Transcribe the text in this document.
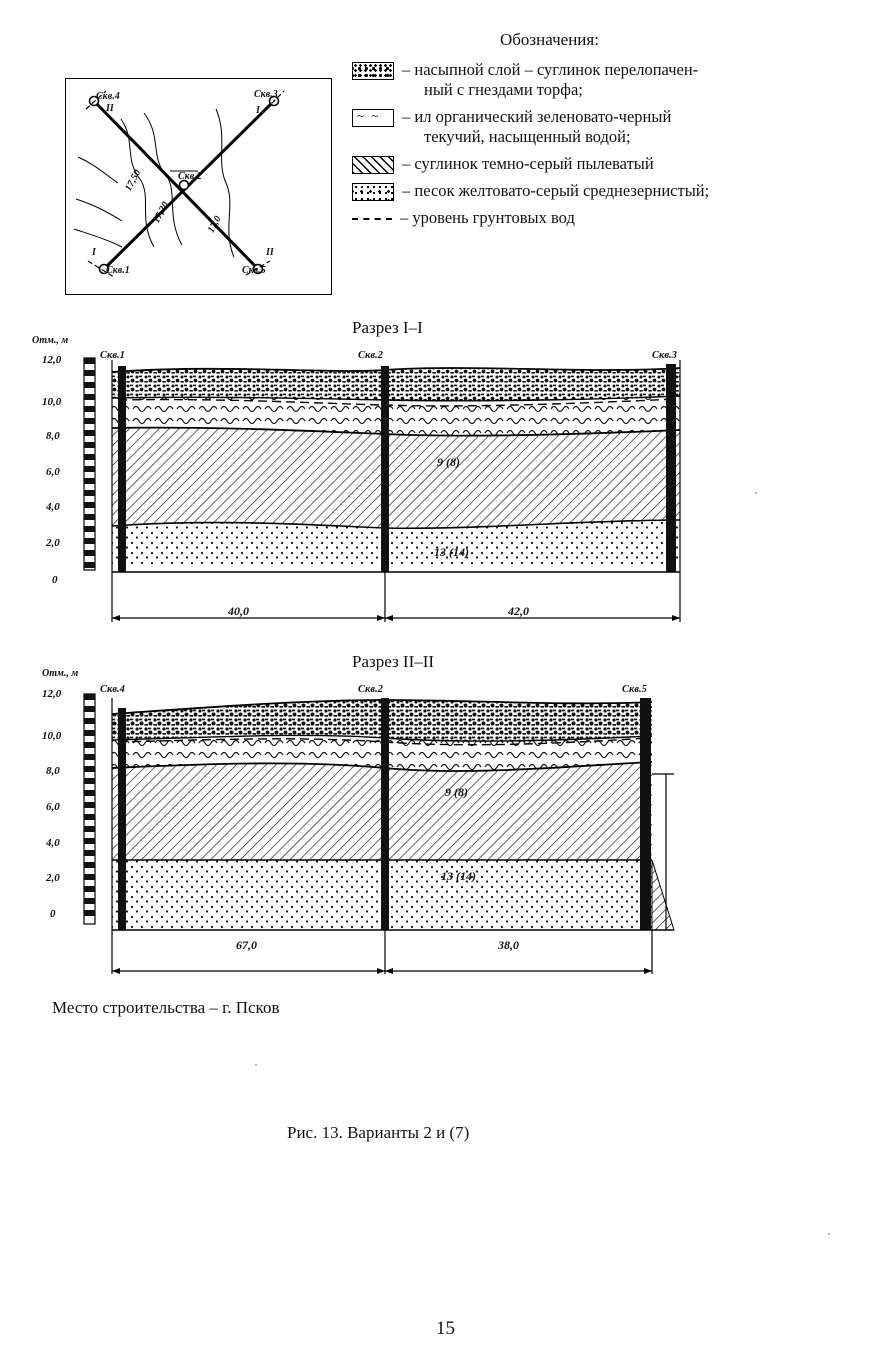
Обозначения:
– насыпной слой – суглинок перелопачен-
ный с гнездами торфа;
~ ~
– ил органический зеленовато-черный
текучий, насыщенный водой;
– суглинок темно-серый пылеватый
– песок желтовато-серый среднезернистый;
– уровень грунтовых вод
Скв.4	Скв.3
Скв.2
Скв.1	Скв.5
17,50
17,20	17,0
II	I
I	II
Разрез I–I
Отм., м
12,0
10,0
8,0
6,0
4,0
2,0
0
Скв.1	Скв.2	Скв.3
40,0	42,0
9 (8)
13 (14)
Разрез II–II
Отм., м
12,0
10,0
8,0
6,0
4,0
2,0
0
Скв.4	Скв.2	Скв.5
67,0	38,0
9 (8)
13 (14)
Место строительства – г. Псков
Рис. 13. Варианты 2 и (7)
15
